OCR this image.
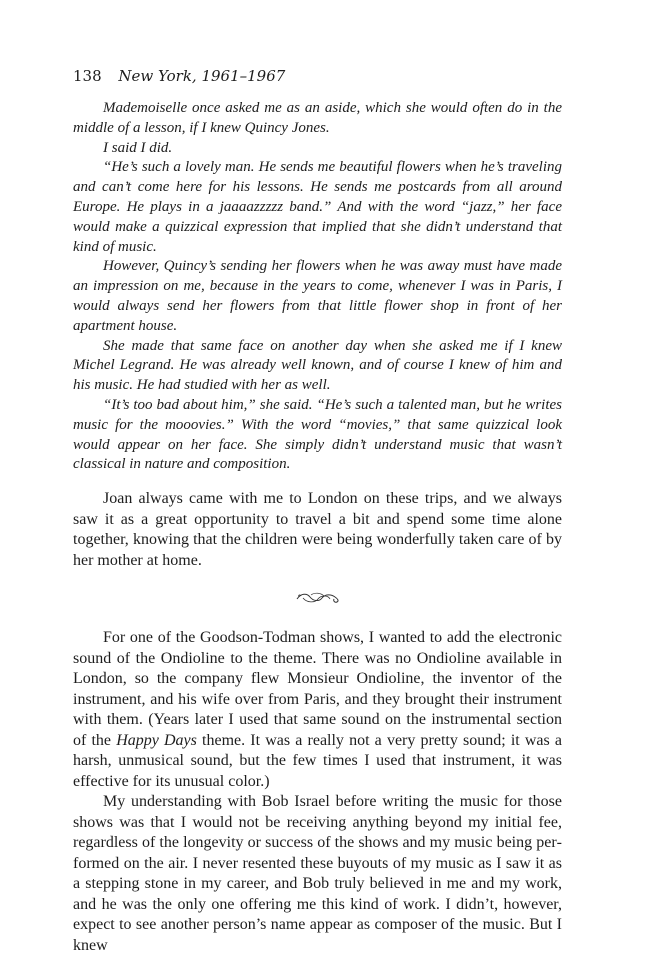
138 New York, 1961–1967

Mademoiselle once asked me as an aside, which she would often do in the middle of a lesson, if I knew Quincy Jones.

I said I did.

“He’s such a lovely man. He sends me beautiful flowers when he’s traveling and can’t come here for his lessons. He sends me postcards from all around Europe. He plays in a jaaaazzzzz band.” And with the word “jazz,” her face would make a quizzical expression that implied that she didn’t understand that kind of music.

However, Quincy’s sending her flowers when he was away must have made an impression on me, because in the years to come, whenever I was in Paris, I would always send her flowers from that little flower shop in front of her apartment house.

She made that same face on another day when she asked me if I knew Michel Legrand. He was already well known, and of course I knew of him and his music. He had studied with her as well.

“It’s too bad about him,” she said. “He’s such a talented man, but he writes music for the mooovies.” With the word “movies,” that same quizzical look would appear on her face. She simply didn’t understand music that wasn’t classical in nature and composition.

Joan always came with me to London on these trips, and we always saw it as a great opportunity to travel a bit and spend some time alone together, knowing that the children were being wonderfully taken care of by her mother at home.

For one of the Goodson-Todman shows, I wanted to add the electronic sound of the Ondioline to the theme. There was no Ondioline available in London, so the company flew Monsieur Ondioline, the inventor of the instrument, and his wife over from Paris, and they brought their instrument with them. (Years later I used that same sound on the instrumental section of the Happy Days theme. It was a really not a very pretty sound; it was a harsh, unmusical sound, but the few times I used that instrument, it was effective for its unusual color.)

My understanding with Bob Israel before writing the music for those shows was that I would not be receiving anything beyond my initial fee, regardless of the longevity or success of the shows and my music being performed on the air. I never resented these buyouts of my music as I saw it as a stepping stone in my career, and Bob truly believed in me and my work, and he was the only one offering me this kind of work. I didn’t, however, expect to see another person’s name appear as composer of the music. But I knew
